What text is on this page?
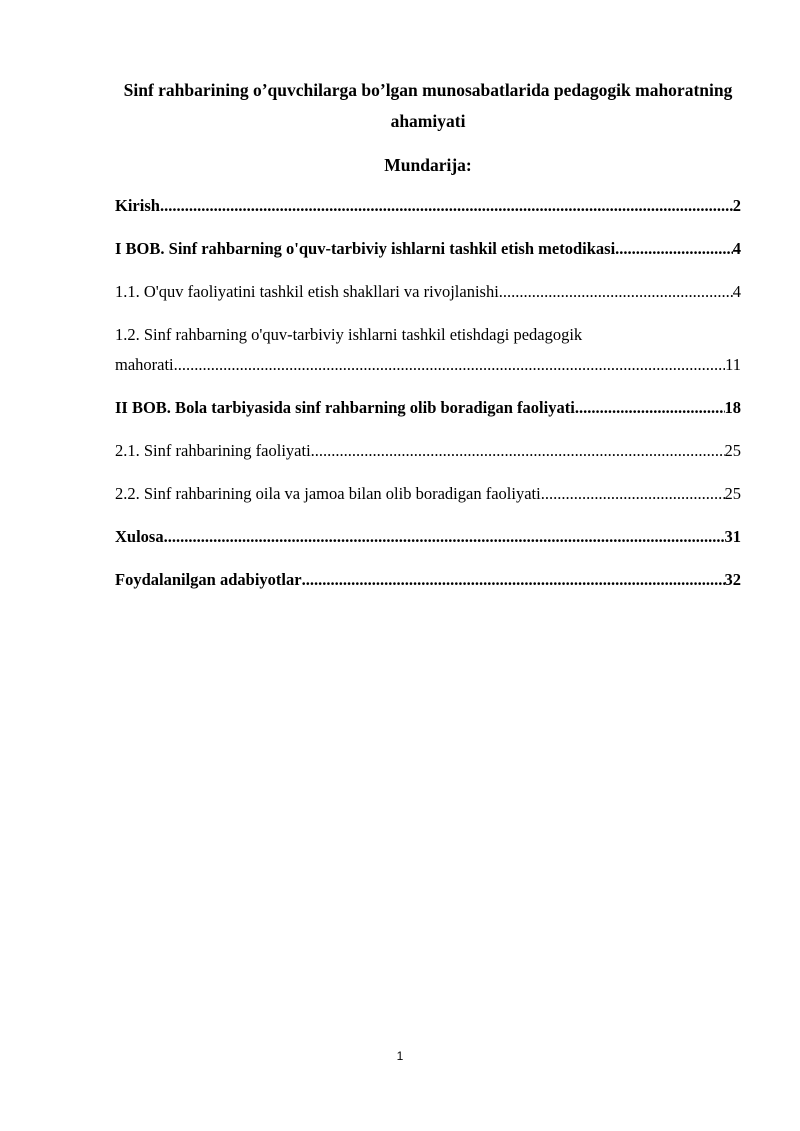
Sinf rahbarining o’quvchilarga bo’lgan munosabatlarida pedagogik mahoratning ahamiyati
Mundarija:
Kirish .....	2
I BOB. Sinf rahbarning o'quv-tarbiviy ishlarni tashkil etish metodikasi .....	4
1.1. O'quv faoliyatini tashkil etish shakllari va rivojlanishi .....	4
1.2. Sinf rahbarning o'quv-tarbiviy ishlarni tashkil etishdagi pedagogik
mahorati .....	11
II BOB. Bola tarbiyasida sinf rahbarning olib boradigan faoliyati .....	18
2.1. Sinf rahbarining faoliyati .....	25
2.2. Sinf rahbarining oila va jamoa bilan olib boradigan faoliyati .....	25
Xulosa .....	31
Foydalanilgan adabiyotlar .....	32
1
